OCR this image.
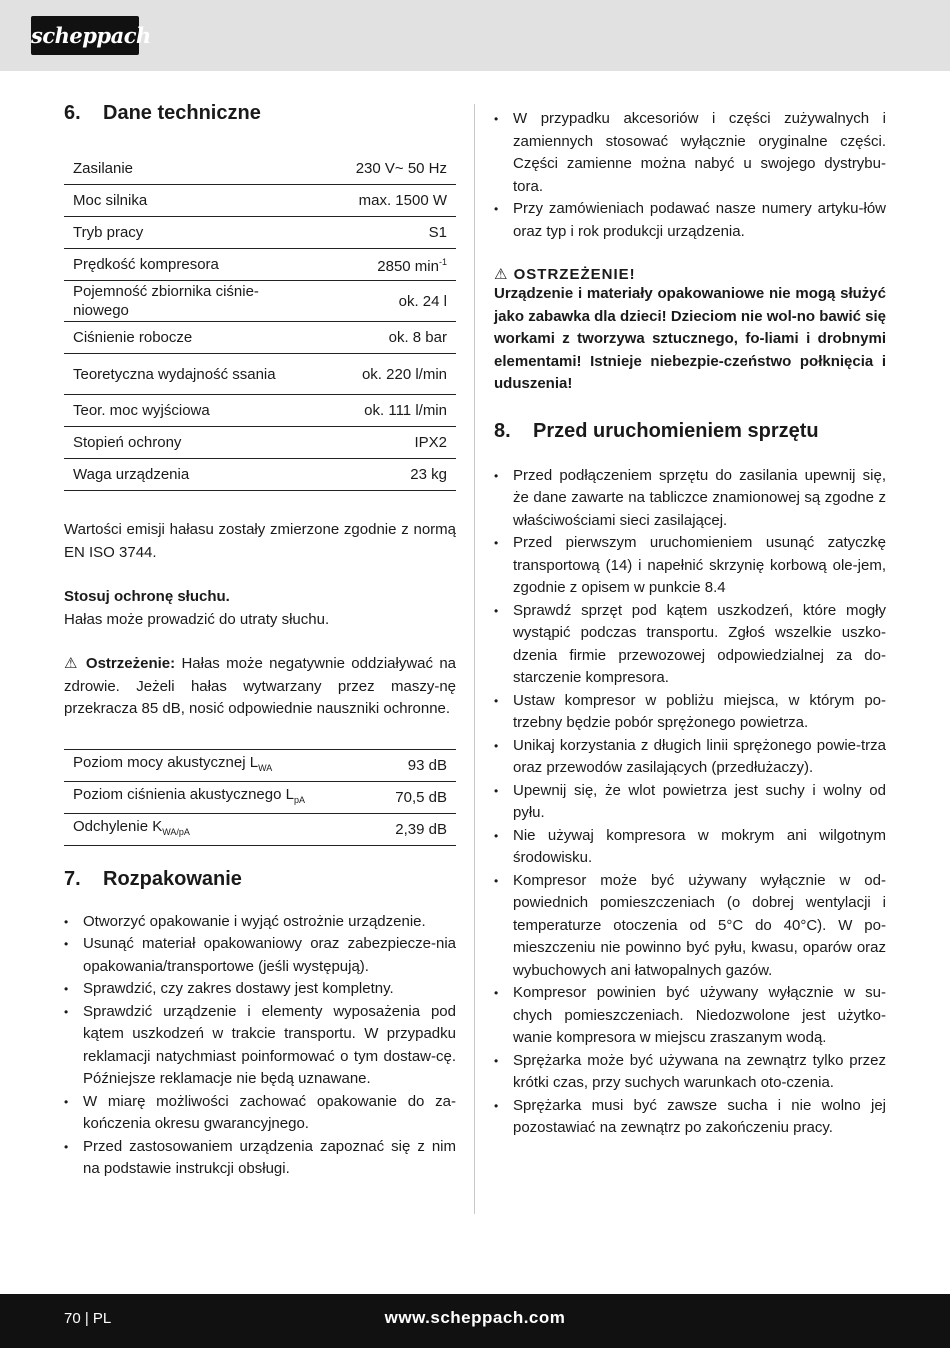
scheppach
6.	Dane techniczne
Zasilanie	230 V~ 50 Hz
Moc silnika	max. 1500 W
Tryb pracy	S1
Prędkość kompresora	2850 $\min^{-1}$
Pojemność zbiornika ciśnie-niowego	ok. 24 l
Ciśnienie robocze	ok. 8 bar
Teoretyczna wydajność ssania	ok. 220 l/min
Teor. moc wyjściowa	ok. 111 l/min
Stopień ochrony	IPX2
Waga urządzenia	23 kg

Wartości emisji hałasu zostały zmierzone zgodnie z normą EN ISO 3744.

Stosuj ochronę słuchu.
Hałas może prowadzić do utraty słuchu.

⚠ Ostrzeżenie: Hałas może negatywnie oddziaływać na zdrowie. Jeżeli hałas wytwarzany przez maszy-nę przekracza 85 dB, nosić odpowiednie nauszniki ochronne.

Poziom mocy akustycznej $L_{WA}$	93 dB
Poziom ciśnienia akustycznego $L_{pA}$	70,5 dB
Odchylenie $K_{WA/pA}$	2,39 dB
7.	Rozpakowanie
• Otworzyć opakowanie i wyjąć ostrożnie urządzenie.
• Usunąć materiał opakowaniowy oraz zabezpiecze-nia opakowania/transportowe (jeśli występują).
• Sprawdzić, czy zakres dostawy jest kompletny.
• Sprawdzić urządzenie i elementy wyposażenia pod kątem uszkodzeń w trakcie transportu. W przypadku reklamacji natychmiast poinformować o tym dostaw-cę. Późniejsze reklamacje nie będą uznawane.
• W miarę możliwości zachować opakowanie do za-kończenia okresu gwarancyjnego.
• Przed zastosowaniem urządzenia zapoznać się z nim na podstawie instrukcji obsługi.
• W przypadku akcesoriów i części zużywalnych i zamiennych stosować wyłącznie oryginalne części. Części zamienne można nabyć u swojego dystrybu-tora.
• Przy zamówieniach podawać nasze numery artyku-łów oraz typ i rok produkcji urządzenia.
⚠ OSTRZEŻENIE!
Urządzenie i materiały opakowaniowe nie mogą służyć jako zabawka dla dzieci! Dzieciom nie wol-no bawić się workami z tworzywa sztucznego, fo-liami i drobnymi elementami! Istnieje niebezpie-czeństwo połknięcia i uduszenia!
8.	Przed uruchomieniem sprzętu
• Przed podłączeniem sprzętu do zasilania upewnij się, że dane zawarte na tabliczce znamionowej są zgodne z właściwościami sieci zasilającej.
• Przed pierwszym uruchomieniem usunąć zatyczkę transportową (14) i napełnić skrzynię korbową ole-jem, zgodnie z opisem w punkcie 8.4
• Sprawdź sprzęt pod kątem uszkodzeń, które mogły wystąpić podczas transportu. Zgłoś wszelkie uszko-dzenia firmie przewozowej odpowiedzialnej za do-starczenie kompresora.
• Ustaw kompresor w pobliżu miejsca, w którym po-trzebny będzie pobór sprężonego powietrza.
• Unikaj korzystania z długich linii sprężonego powie-trza oraz przewodów zasilających (przedłużaczy).
• Upewnij się, że wlot powietrza jest suchy i wolny od pyłu.
• Nie używaj kompresora w mokrym ani wilgotnym środowisku.
• Kompresor może być używany wyłącznie w od-powiednich pomieszczeniach (o dobrej wentylacji i temperaturze otoczenia od 5°C do 40°C). W po-mieszczeniu nie powinno być pyłu, kwasu, oparów oraz wybuchowych ani łatwopalnych gazów.
• Kompresor powinien być używany wyłącznie w su-chych pomieszczeniach. Niedozwolone jest użytko-wanie kompresora w miejscu zraszanym wodą.
• Sprężarka może być używana na zewnątrz tylko przez krótki czas, przy suchych warunkach oto-czenia.
• Sprężarka musi być zawsze sucha i nie wolno jej pozostawiać na zewnątrz po zakończeniu pracy.
70 | PL	www.scheppach.com
